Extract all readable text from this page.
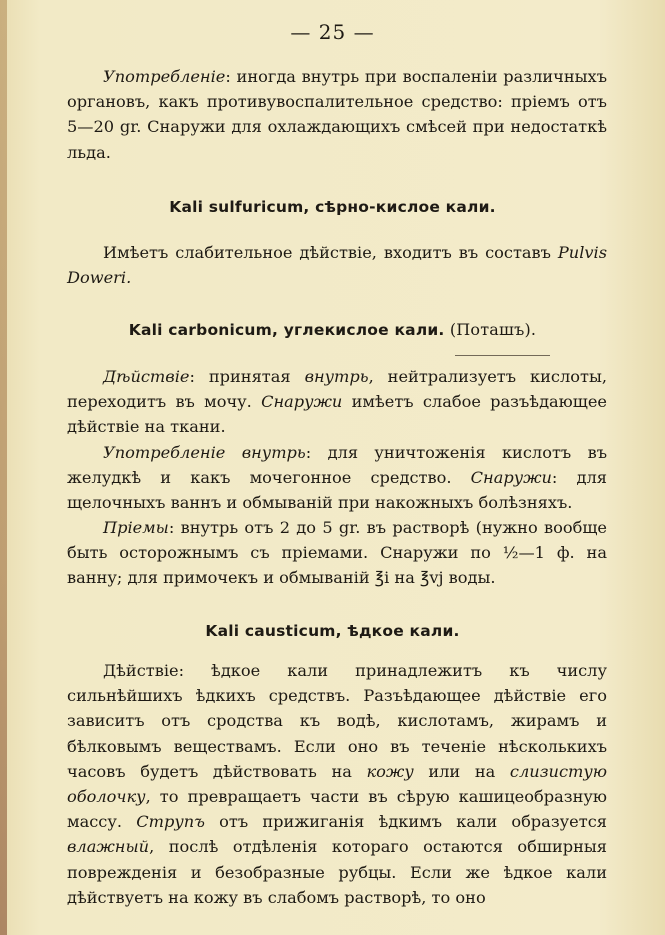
— 25 —
Употребленіе: иногда внутрь при воспаленіи различныхъ органовъ, какъ противувоспалительное средство: пріемъ отъ 5—20 gr. Снаружи для охлаждающихъ смѣсей при недостаткѣ льда.
Kali sulfuricum, сѣрно-кислое кали.
Имѣетъ слабительное дѣйствіе, входитъ въ составъ Pulvis Doweri.
Kali carbonicum, углекислое кали. (Поташъ).
Дѣйствіе: принятая внутрь, нейтрализуетъ кислоты, переходитъ въ мочу. Снаружи имѣетъ слабое разъѣдающее дѣйствіе на ткани.
Употребленіе внутрь: для уничтоженія кислотъ въ желудкѣ и какъ мочегонное средство. Снаружи: для щелочныхъ ваннъ и обмываній при накожныхъ болѣзняхъ.
Пріемы: внутрь отъ 2 до 5 gr. въ растворѣ (нужно вообще быть осторожнымъ съ пріемами. Снаружи по ½—1 ф. на ванну; для примочекъ и обмываній ℥i на ℥vj воды.
Kali causticum, ѣдкое кали.
Дѣйствіе: ѣдкое кали принадлежитъ къ числу сильнѣйшихъ ѣдкихъ средствъ. Разъѣдающее дѣйствіе его зависитъ отъ сродства къ водѣ, кислотамъ, жирамъ и бѣлковымъ веществамъ. Если оно въ теченіе нѣсколькихъ часовъ будетъ дѣйствовать на кожу или на слизистую оболочку, то превращаетъ части въ сѣрую кашицеобразную массу. Струпъ отъ прижиганія ѣдкимъ кали образуется влажный, послѣ отдѣленія котораго остаются обширныя поврежденія и безобразные рубцы. Если же ѣдкое кали дѣйствуетъ на кожу въ слабомъ растворѣ, то оно
